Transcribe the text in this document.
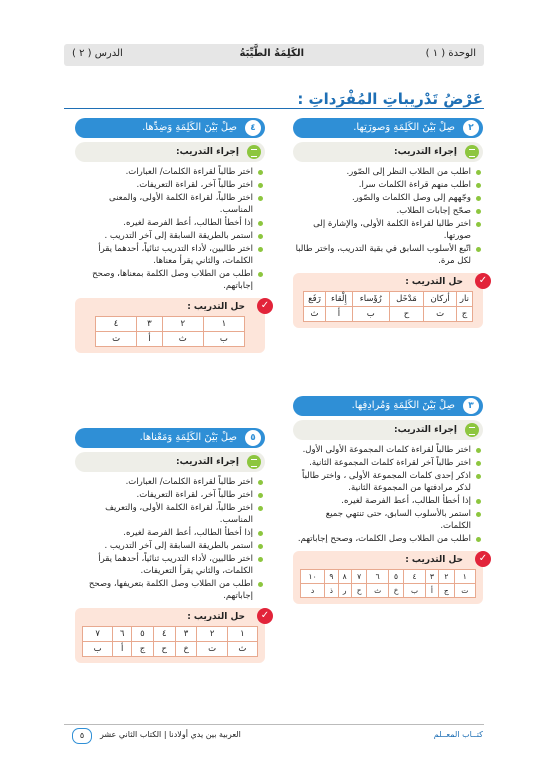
الوحدة ( ١ )
الكَلِمَةُ الطَّيِّبَةُ
الدرس ( ٢ )
عَرْضُ تَدْريباتِ المُفْرَداتِ :
٢
صِلْ بَيْنَ الكَلِمَةِ وَصورَتِها.
إجراء التدريب:
اطلب من الطلاب النظر إلى الصّور.
اطلب منهم قراءة الكلمات سرا.
وجّههم إلى وصل الكلمات والصّور.
صحّح إجابات الطلاب.
اختر طالبا لقراءة الكلمة الأولى، والإشارة إلى صورتها.
اتّبع الأسلوب السابق في بقية التدريب، واختر طالبا لكل مرة.
✓
حل التدريب :
نار	أركان	مَدْخَل	رُؤَساء	إِلْقاء	رَفَع
ج	ت	ح	ب	أ	ث
٣
صِلْ بَيْنَ الكَلِمَةِ وَمُرادِفِها.
إجراء التدريب:
اختر طالباً لقراءة كلمات المجموعة الأولى الأول.
اختر طالباً آخر لقراءة كلمات المجموعة الثانية.
اذكر إحدى كلمات المجموعة الأولى ، واختر طالباً لذكر مرادفتها من المجموعة الثانية.
إذا أخطأ الطالب، أعط الفرصة لغيره.
استمر بالأسلوب السابق، حتى تنتهي جميع الكلمات.
اطلب من الطلاب وصل الكلمات، وصحح إجاباتهم.
✓
حل التدريب :
١	٢	٣	٤	٥	٦	٧	٨	٩	١٠
ت	ج	أ	ب	خ	ث	ح	ر	ذ	د
٤
صِلْ بَيْنَ الكَلِمَةِ وَضِدِّها.
إجراء التدريب:
اختر طالباً لقراءة الكلمات/ العبارات.
اختر طالباً آخر، لقراءة التعريفات.
اختر طالباً، لقراءة الكلمة الأولى، والمعنى المناسب.
إذا أخطأ الطالب، أعط الفرصة لغيره.
استمر بالطريقة السابقة إلى آخر التدريب .
اختر طالبين، لأداء التدريب ثنائياً، أحدهما يقرأ الكلمات، والثاني يقرأ معناها.
اطلب من الطلاب وصل الكلمة بمعناها، وصحح إجاباتهم.
✓
حل التدريب :
١	٢	٣	٤
ب	ث	أ	ت
٥
صِلْ بَيْنَ الكَلِمَةِ وَمَعْناها.
إجراء التدريب:
اختر طالباً لقراءة الكلمات/ العبارات.
اختر طالباً آخر، لقراءة التعريفات.
اختر طالباً، لقراءة الكلمة الأولى، والتعريف المناسب.
إذا أخطأ الطالب، أعط الفرصة لغيره.
استمر بالطريقة السابقة إلى آخر التدريب .
اختر طالبين، لأداء التدريب ثنائياً، أحدهما يقرأ الكلمات، والثاني يقرأ التعريفات.
اطلب من الطلاب وصل الكلمة بتعريفها، وصحح إجاباتهم.
✓
حل التدريب :
١	٢	٣	٤	٥	٦	٧
ث	ت	خ	ح	ج	أ	ب
كتــاب المعــلم
العربية بين يدي أولادنا | الكتاب الثاني عشر
٥
